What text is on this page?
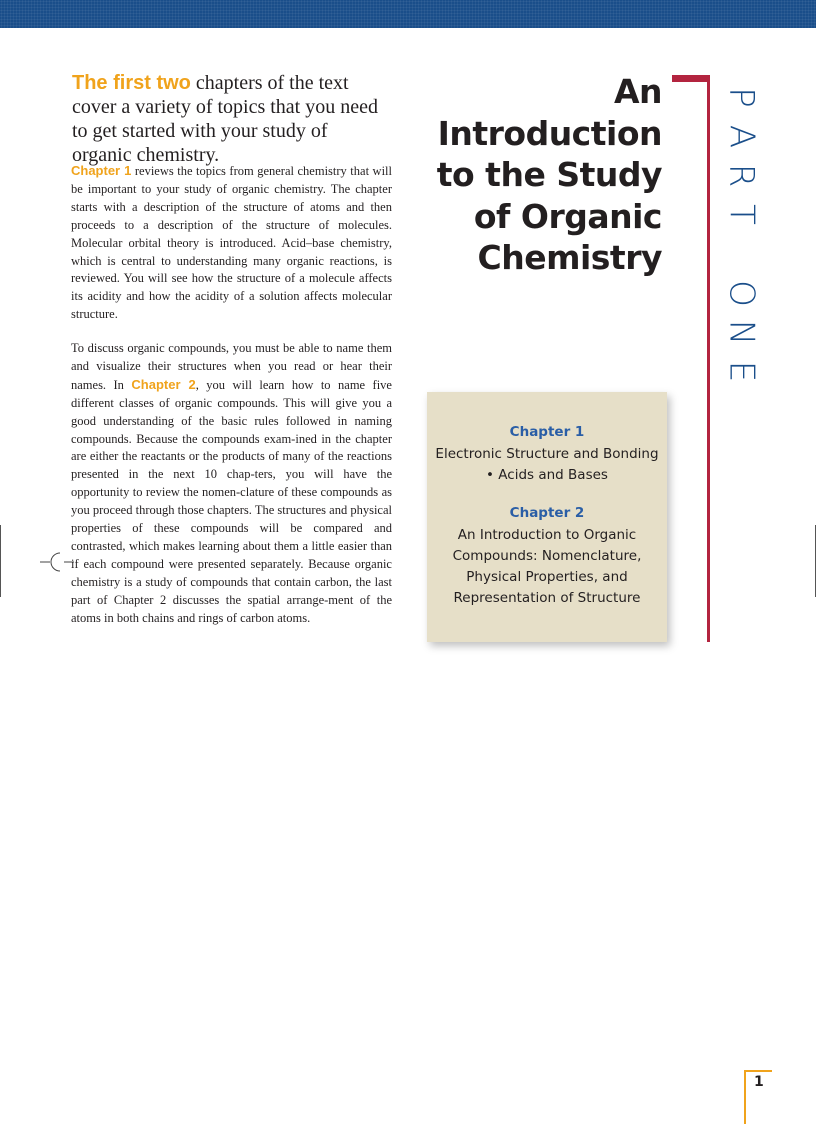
The first two chapters of the text cover a variety of topics that you need to get started with your study of organic chemistry.

Chapter 1 reviews the topics from general chemistry that will be important to your study of organic chemistry. The chapter starts with a description of the structure of atoms and then proceeds to a description of the structure of molecules. Molecular orbital theory is introduced. Acid–base chemistry, which is central to understanding many organic reactions, is reviewed. You will see how the structure of a molecule affects its acidity and how the acidity of a solution affects molecular structure.

To discuss organic compounds, you must be able to name them and visualize their structures when you read or hear their names. In Chapter 2, you will learn how to name five different classes of organic compounds. This will give you a good understanding of the basic rules followed in naming compounds. Because the compounds exam-ined in the chapter are either the reactants or the products of many of the reactions presented in the next 10 chap-ters, you will have the opportunity to review the nomen-clature of these compounds as you proceed through those chapters. The structures and physical properties of these compounds will be compared and contrasted, which makes learning about them a little easier than if each compound were presented separately. Because organic chemistry is a study of compounds that contain carbon, the last part of Chapter 2 discusses the spatial arrange-ment of the atoms in both chains and rings of carbon atoms.

An Introduction
to the Study
of Organic
Chemistry
P
A
R
T
O
N
E

Chapter 1

Electronic Structure and Bonding

• Acids and Bases

Chapter 2

An Introduction to Organic

Compounds: Nomenclature,

Physical Properties, and

Representation of Structure

1
